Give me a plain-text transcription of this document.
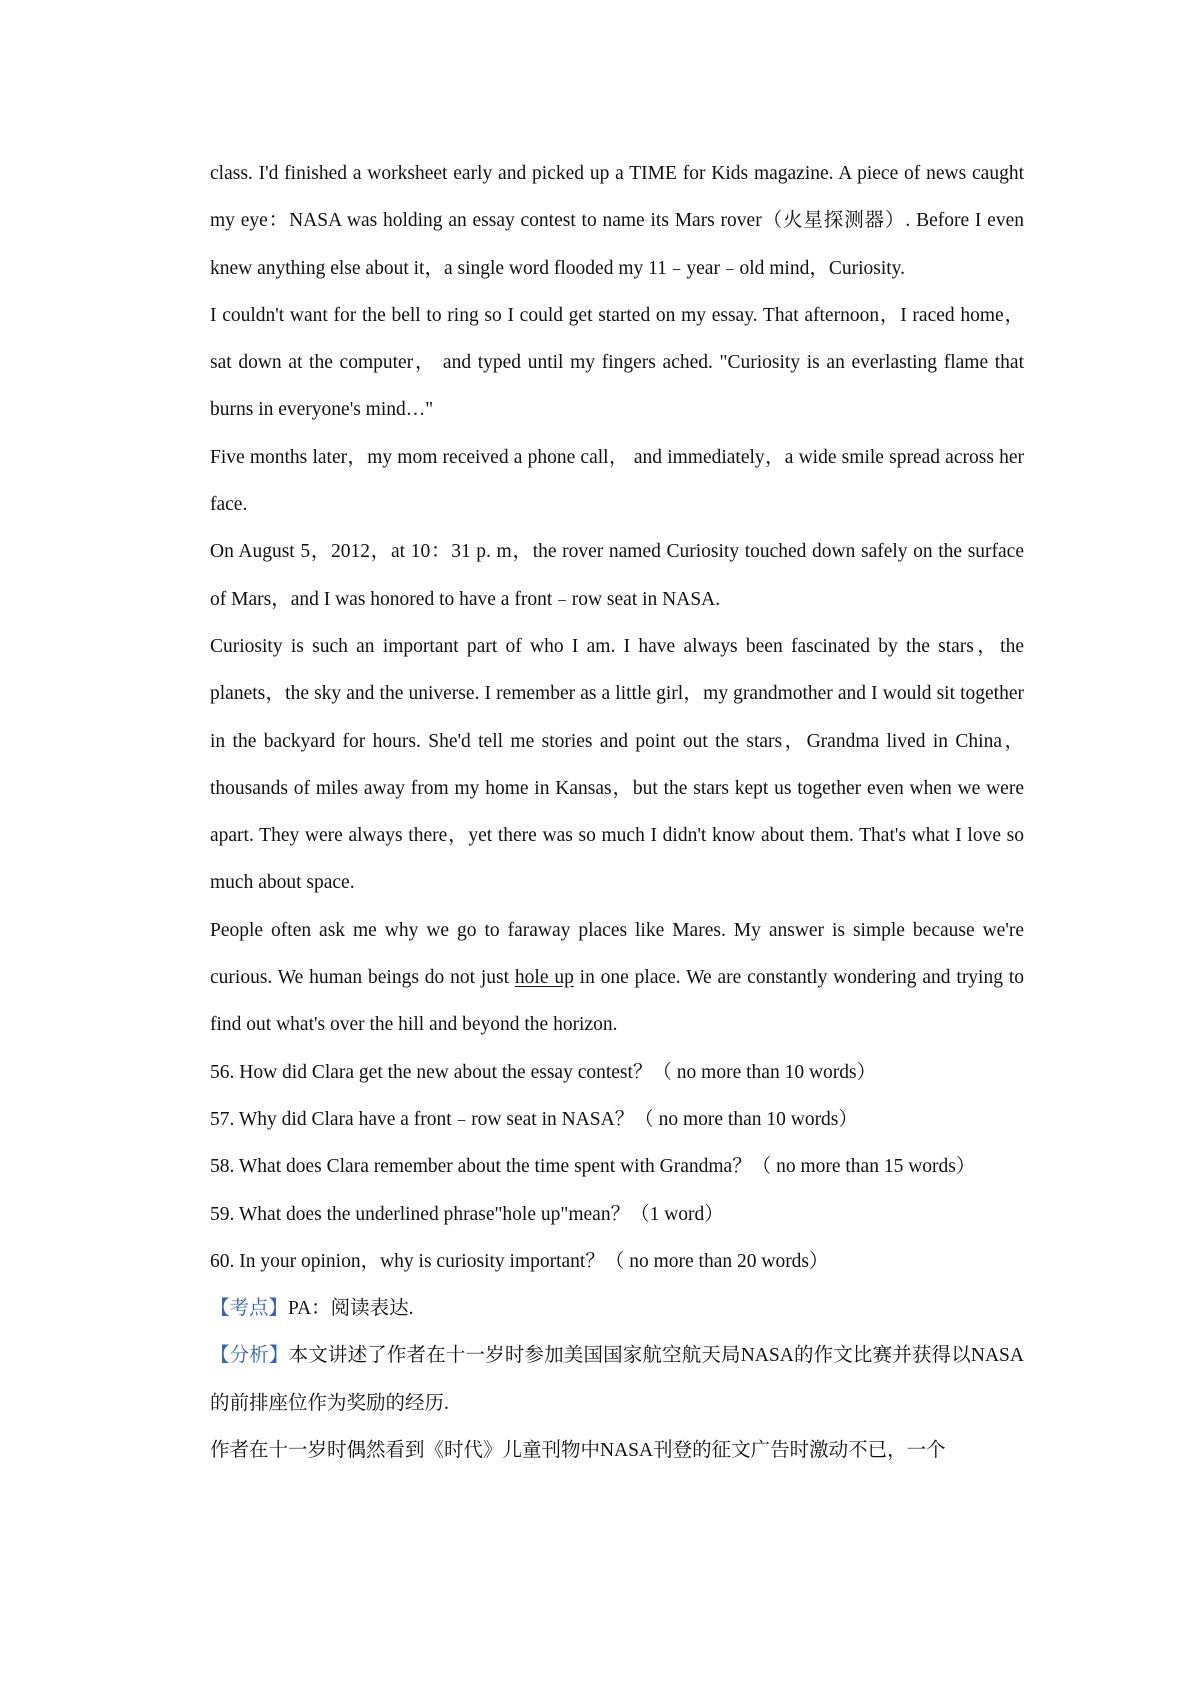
class. I'd finished a worksheet early and picked up a TIME for Kids magazine. A piece of news caught my eye：NASA was holding an essay contest to name its Mars rover（火星探测器）. Before I even knew anything else about it，a single word flooded my 11﹣year﹣old mind，Curiosity.

I couldn't want for the bell to ring so I could get started on my essay. That afternoon，I raced home， sat down at the computer， and typed until my fingers ached. "Curiosity is an everlasting flame that burns in everyone's mind…"

Five months later，my mom received a phone call， and immediately，a wide smile spread across her face.

On August 5，2012，at 10：31 p. m，the rover named Curiosity touched down safely on the surface of Mars，and I was honored to have a front﹣row seat in NASA.

Curiosity is such an important part of who I am. I have always been fascinated by the stars，the planets，the sky and the universe. I remember as a little girl，my grandmother and I would sit together in the backyard for hours. She'd tell me stories and point out the stars，Grandma lived in China，thousands of miles away from my home in Kansas，but the stars kept us together even when we were apart. They were always there，yet there was so much I didn't know about them. That's what I love so much about space.

People often ask me why we go to faraway places like Mares. My answer is simple because we're curious. We human beings do not just hole up in one place. We are constantly wondering and trying to find out what's over the hill and beyond the horizon.

56. How did Clara get the new about the essay contest？（ no more than 10 words）

57. Why did Clara have a front﹣row seat in NASA？（ no more than 10 words）

58. What does Clara remember about the time spent with Grandma？（ no more than 15 words）

59. What does the underlined phrase"hole up"mean？（1 word）

60. In your opinion，why is curiosity important？（ no more than 20 words）

【考点】PA：阅读表达.

【分析】本文讲述了作者在十一岁时参加美国国家航空航天局NASA的作文比赛并获得以NASA的前排座位作为奖励的经历.

作者在十一岁时偶然看到《时代》儿童刊物中NASA刊登的征文广告时激动不已，一个
